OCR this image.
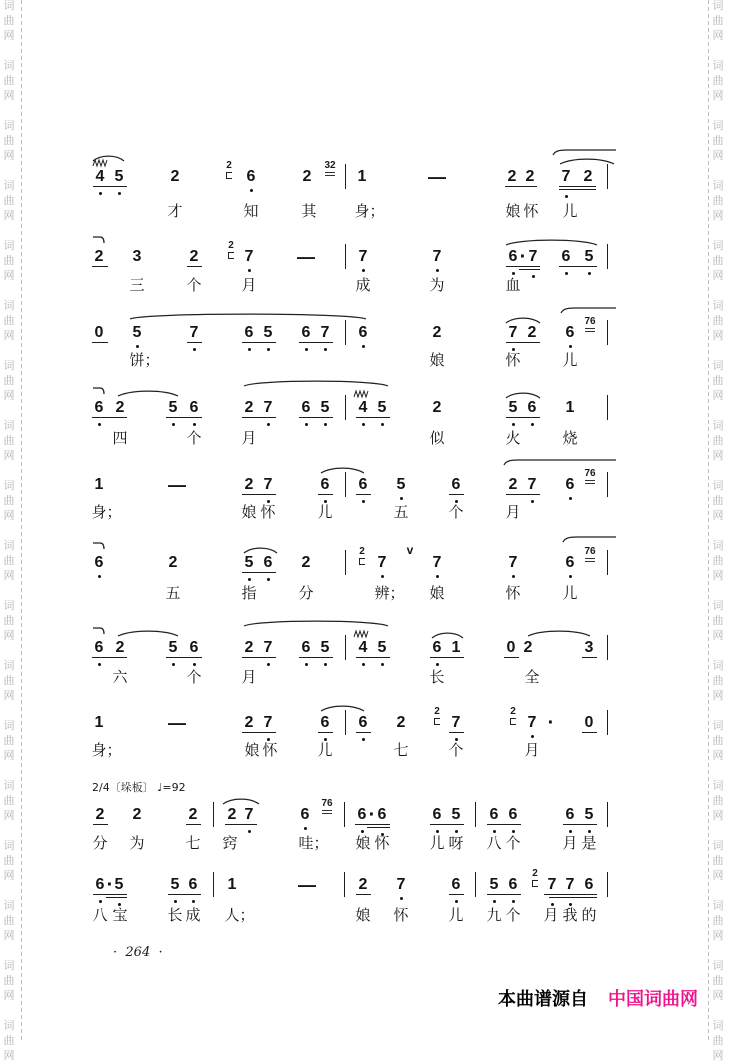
词
曲
网
词
曲
网
词
曲
网
词
曲
网
词
曲
网
词
曲
网
词
曲
网
词
曲
网
词
曲
网
词
曲
网
词
曲
网
词
曲
网
词
曲
网
词
曲
网
词
曲
网
词
曲
网
词
曲
网
词
曲
网
词
曲
网
词
曲
网
词
曲
网
词
曲
网
词
曲
网
词
曲
网
词
曲
网
词
曲
网
词
曲
网
词
曲
网
词
曲
网
词
曲
网
词
曲
网
词
曲
网
词
曲
网
词
曲
网
词
曲
网
词
曲
网
4 5	2	6	2	1	—	2 2 7 2
2	32
才	知	其	身；	娘 怀 儿
2 3	2	7 —	7	7	6 · 7 6 5
2
三	个	月	成	为	血
0 5	7	6 5 6 7 6	2	7 2 6
76
饼；	娘	怀	儿
6 2	5 6	2 7 6 5 4 5	2	5 6 1
四	个	月	似	火	烧
1	—	2 7	6 6 5	6	2 7 6
76
身；	娘 怀	儿	五	个	月
6	2	5 6 2	7	7	7	6
2	76
v
五	指	分	辨； 娘	怀	儿
6 2	5 6	2 7 6 5 4 5	6 1	0 2	3
六	个	月	长	全
1	—	2 7	6 6 2	7	7 · 0
2	2
身；	娘 怀	儿	七	个	月
2 2	2 2 7	6	6 · 6	6 5 6 6	6 5
76
分 为	七 窍	哇； 娘 怀	儿 呀 八 个	月 是
6 · 5	5 6 1	—	2 7	6 5 6 7 7 6
2
八 宝	长 成 人；	娘 怀	儿 九 个 月 我 的
2/4〔垛板〕 ♩=92
·  264  ·
本曲谱源自 中国词曲网
